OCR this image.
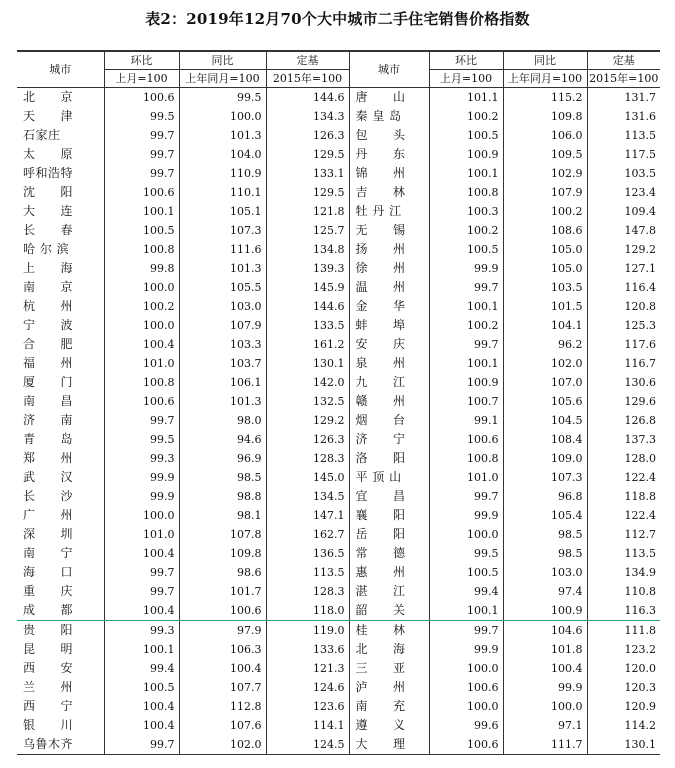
表2：2019年12月70个大中城市二手住宅销售价格指数
城市	环比	同比	定基	城市	环比	同比	定基
	上月=100	上年同月=100	2015年=100		上月=100	上年同月=100	2015年=100
北　　京	100.6	99.5	144.6	唐　　山	101.1	115.2	131.7
天　　津	99.5	100.0	134.3	秦 皇 岛	100.2	109.8	131.6
石家庄	99.7	101.3	126.3	包　　头	100.5	106.0	113.5
太　　原	99.7	104.0	129.5	丹　　东	100.9	109.5	117.5
呼和浩特	99.7	110.9	133.1	锦　　州	100.1	102.9	103.5
沈　　阳	100.6	110.1	129.5	吉　　林	100.8	107.9	123.4
大　　连	100.1	105.1	121.8	牡 丹 江	100.3	100.2	109.4
长　　春	100.5	107.3	125.7	无　　锡	100.2	108.6	147.8
哈 尔 滨	100.8	111.6	134.8	扬　　州	100.5	105.0	129.2
上　　海	99.8	101.3	139.3	徐　　州	99.9	105.0	127.1
南　　京	100.0	105.5	145.9	温　　州	99.7	103.5	116.4
杭　　州	100.2	103.0	144.6	金　　华	100.1	101.5	120.8
宁　　波	100.0	107.9	133.5	蚌　　埠	100.2	104.1	125.3
合　　肥	100.4	103.3	161.2	安　　庆	99.7	96.2	117.6
福　　州	101.0	103.7	130.1	泉　　州	100.1	102.0	116.7
厦　　门	100.8	106.1	142.0	九　　江	100.9	107.0	130.6
南　　昌	100.6	101.3	132.5	赣　　州	100.7	105.6	129.6
济　　南	99.7	98.0	129.2	烟　　台	99.1	104.5	126.8
青　　岛	99.5	94.6	126.3	济　　宁	100.6	108.4	137.3
郑　　州	99.3	96.9	128.3	洛　　阳	100.8	109.0	128.0
武　　汉	99.9	98.5	145.0	平 顶 山	101.0	107.3	122.4
长　　沙	99.9	98.8	134.5	宜　　昌	99.7	96.8	118.8
广　　州	100.0	98.1	147.1	襄　　阳	99.9	105.4	122.4
深　　圳	101.0	107.8	162.7	岳　　阳	100.0	98.5	112.7
南　　宁	100.4	109.8	136.5	常　　德	99.5	98.5	113.5
海　　口	99.7	98.6	113.5	惠　　州	100.5	103.0	134.9
重　　庆	99.7	101.7	128.3	湛　　江	99.4	97.4	110.8
成　　都	100.4	100.6	118.0	韶　　关	100.1	100.9	116.3
贵　　阳	99.3	97.9	119.0	桂　　林	99.7	104.6	111.8
昆　　明	100.1	106.3	133.6	北　　海	99.9	101.8	123.2
西　　安	99.4	100.4	121.3	三　　亚	100.0	100.4	120.0
兰　　州	100.5	107.7	124.6	泸　　州	100.6	99.9	120.3
西　　宁	100.4	112.8	123.6	南　　充	100.0	100.0	120.9
银　　川	100.4	107.6	114.1	遵　　义	99.6	97.1	114.2
乌鲁木齐	99.7	102.0	124.5	大　　理	100.6	111.7	130.1
